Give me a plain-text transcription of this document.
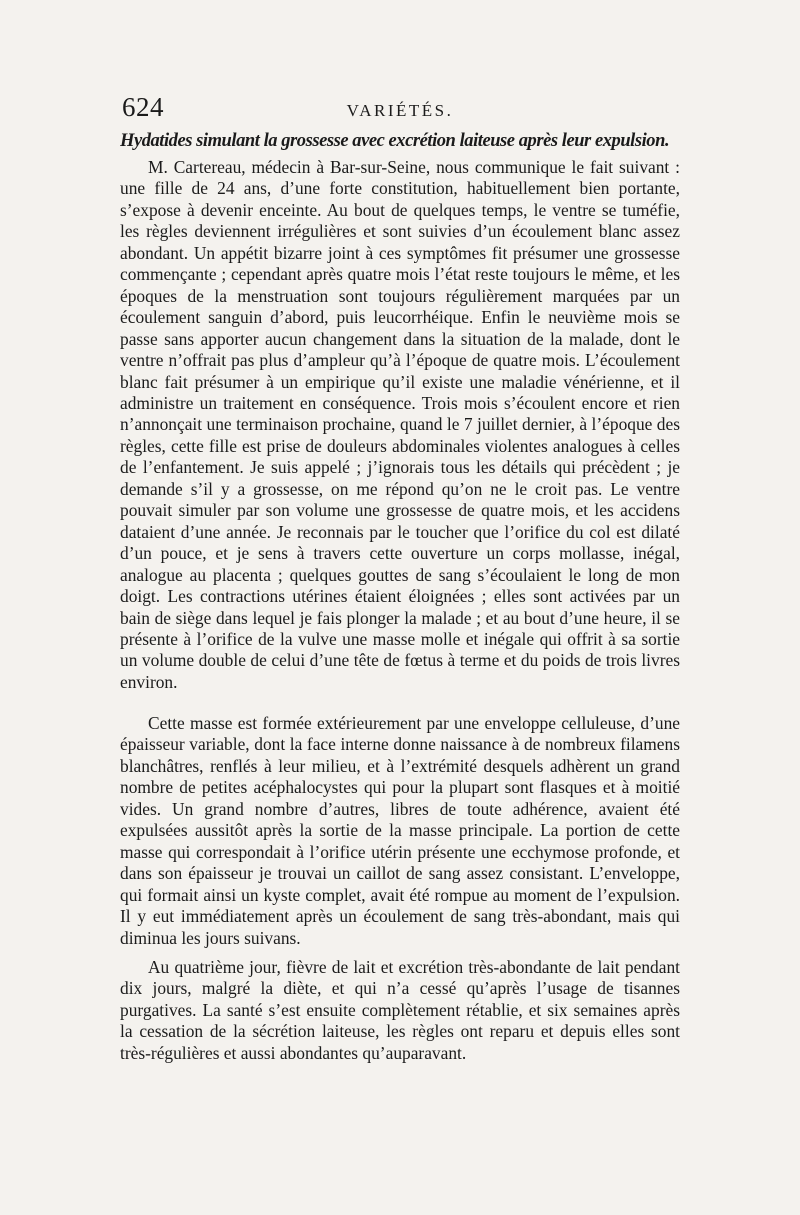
624	VARIÉTÉS.
Hydatides simulant la grossesse avec excrétion laiteuse après leur expulsion.

M. Cartereau, médecin à Bar-sur-Seine, nous communique le fait suivant : une fille de 24 ans, d’une forte constitution, habituellement bien portante, s’expose à devenir enceinte. Au bout de quelques temps, le ventre se tuméfie, les règles deviennent irrégulières et sont suivies d’un écoulement blanc assez abondant. Un appétit bizarre joint à ces symptômes fit présumer une grossesse commençante ; cependant après quatre mois l’état reste toujours le même, et les époques de la menstruation sont toujours régulièrement marquées par un écoulement sanguin d’abord, puis leucorrhéique. Enfin le neuvième mois se passe sans apporter aucun changement dans la situation de la malade, dont le ventre n’offrait pas plus d’ampleur qu’à l’époque de quatre mois. L’écoulement blanc fait présumer à un empirique qu’il existe une maladie vénérienne, et il administre un traitement en conséquence. Trois mois s’écoulent encore et rien n’annonçait une terminaison prochaine, quand le 7 juillet dernier, à l’époque des règles, cette fille est prise de douleurs abdominales violentes analogues à celles de l’enfantement. Je suis appelé ; j’ignorais tous les détails qui précèdent ; je demande s’il y a grossesse, on me répond qu’on ne le croit pas. Le ventre pouvait simuler par son volume une grossesse de quatre mois, et les accidens dataient d’une année. Je reconnais par le toucher que l’orifice du col est dilaté d’un pouce, et je sens à travers cette ouverture un corps mollasse, inégal, analogue au placenta ; quelques gouttes de sang s’écoulaient le long de mon doigt. Les contractions utérines étaient éloignées ; elles sont activées par un bain de siège dans lequel je fais plonger la malade ; et au bout d’une heure, il se présente à l’orifice de la vulve une masse molle et inégale qui offrit à sa sortie un volume double de celui d’une tête de fœtus à terme et du poids de trois livres environ.

Cette masse est formée extérieurement par une enveloppe celluleuse, d’une épaisseur variable, dont la face interne donne naissance à de nombreux filamens blanchâtres, renflés à leur milieu, et à l’extrémité desquels adhèrent un grand nombre de petites acéphalocystes qui pour la plupart sont flasques et à moitié vides. Un grand nombre d’autres, libres de toute adhérence, avaient été expulsées aussitôt après la sortie de la masse principale. La portion de cette masse qui correspondait à l’orifice utérin présente une ecchymose profonde, et dans son épaisseur je trouvai un caillot de sang assez consistant. L’enveloppe, qui formait ainsi un kyste complet, avait été rompue au moment de l’expulsion. Il y eut immédiatement après un écoulement de sang très-abondant, mais qui diminua les jours suivans.

Au quatrième jour, fièvre de lait et excrétion très-abondante de lait pendant dix jours, malgré la diète, et qui n’a cessé qu’après l’usage de tisannes purgatives. La santé s’est ensuite complètement rétablie, et six semaines après la cessation de la sécrétion laiteuse, les règles ont reparu et depuis elles sont très-régulières et aussi abondantes qu’auparavant.
